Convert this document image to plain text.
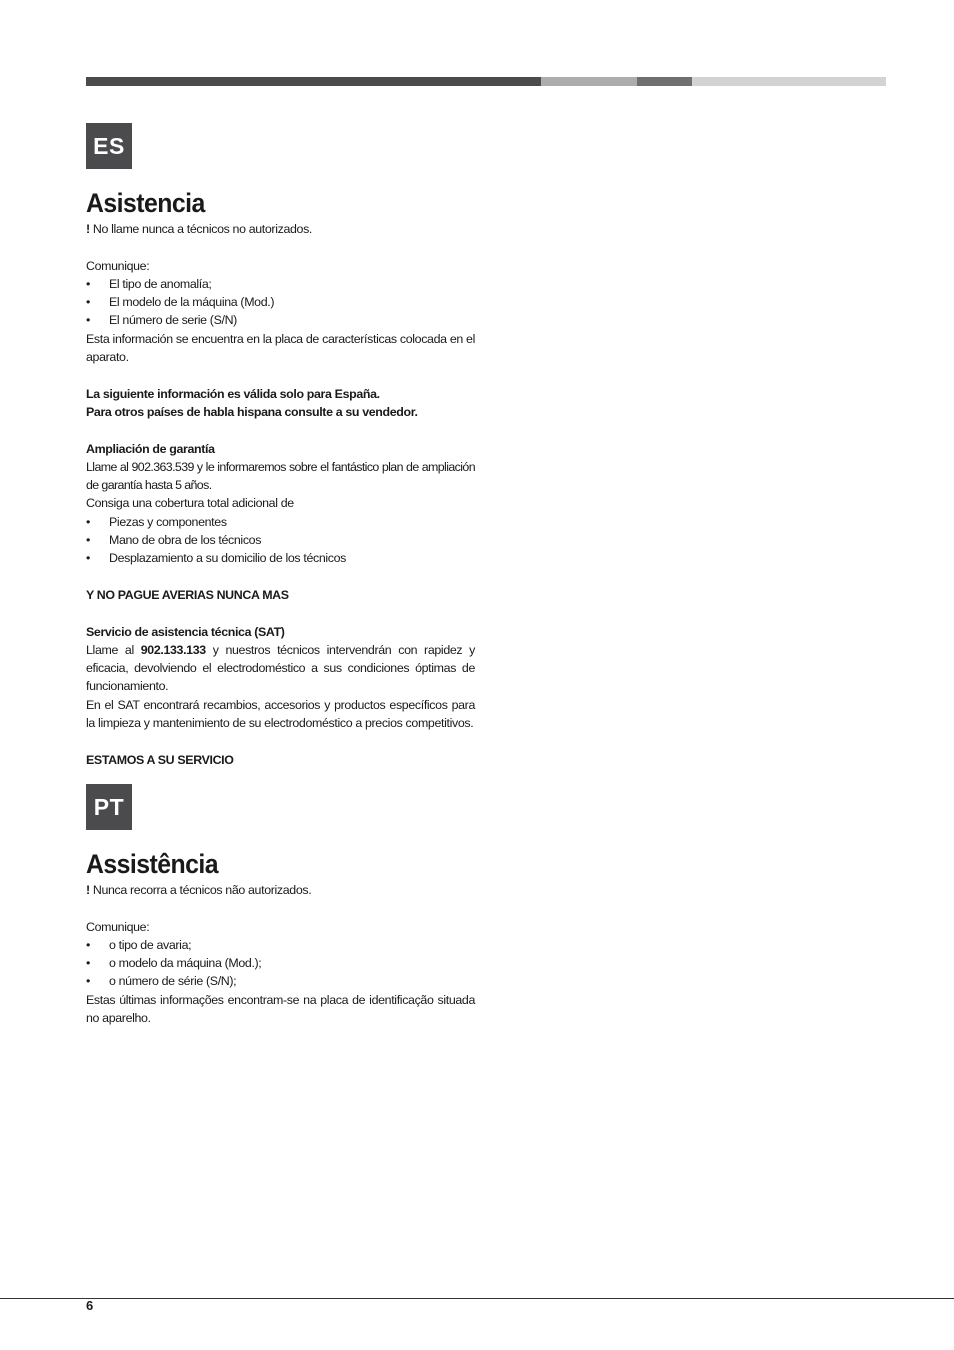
ES
Asistencia

! No llame nunca a técnicos no autorizados.

Comunique:

• El tipo de anomalía;
• El modelo de la máquina (Mod.)
• El número de serie (S/N)

Esta información se encuentra en la placa de características colocada en el aparato.

La siguiente información es válida solo para España.

Para otros países de habla hispana consulte a su vendedor.

Ampliación de garantía

Llame al 902.363.539 y le informaremos sobre el fantástico plan de ampliación de garantía hasta 5 años.

Consiga una cobertura total adicional de

• Piezas y componentes
• Mano de obra de los técnicos
• Desplazamiento a su domicilio de los técnicos

Y NO PAGUE AVERIAS NUNCA MAS

Servicio de asistencia técnica (SAT)

Llame al 902.133.133 y nuestros técnicos intervendrán con rapidez y eficacia, devolviendo el electrodoméstico a sus condiciones óptimas de funcionamiento.

En el SAT encontrará recambios, accesorios y productos específicos para la limpieza y mantenimiento de su electrodoméstico a precios competitivos.

ESTAMOS A SU SERVICIO

PT
Assistência

! Nunca recorra a técnicos não autorizados.

Comunique:

• o tipo de avaria;
• o modelo da máquina (Mod.);
• o número de série (S/N);

Estas últimas informações encontram-se na placa de identificação situada no aparelho.

6
